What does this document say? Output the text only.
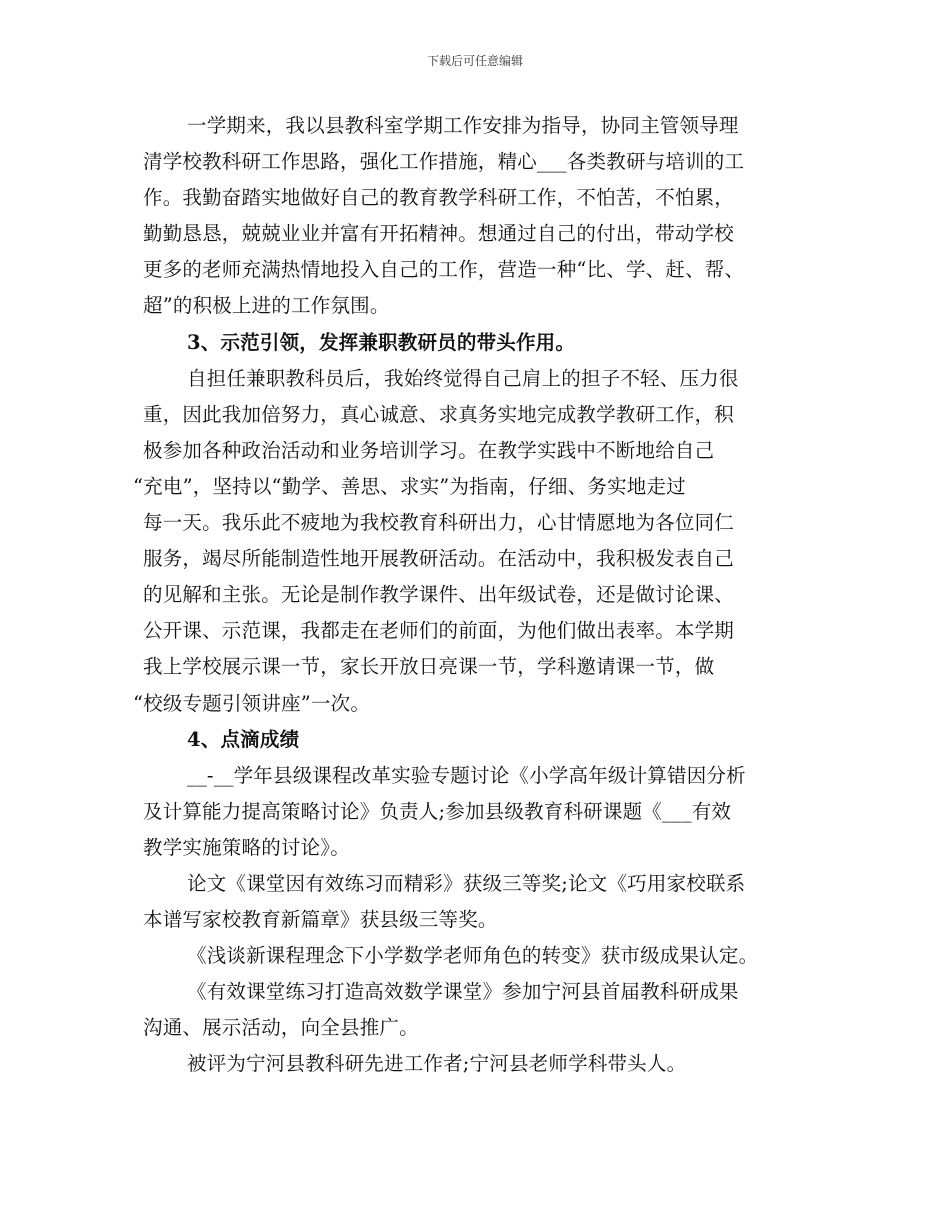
下载后可任意编辑
一学期来，我以县教科室学期工作安排为指导，协同主管领导理
清学校教科研工作思路，强化工作措施，精心___各类教研与培训的工
作。我勤奋踏实地做好自己的教育教学科研工作，不怕苦，不怕累，
勤勤恳恳，兢兢业业并富有开拓精神。想通过自己的付出，带动学校
更多的老师充满热情地投入自己的工作，营造一种“比、学、赶、帮、
超”的积极上进的工作氛围。
3、示范引领，发挥兼职教研员的带头作用。
自担任兼职教科员后，我始终觉得自己肩上的担子不轻、压力很
重，因此我加倍努力，真心诚意、求真务实地完成教学教研工作，积
极参加各种政治活动和业务培训学习。在教学实践中不断地给自己
“充电”，坚持以“勤学、善思、求实”为指南，仔细、务实地走过
每一天。我乐此不疲地为我校教育科研出力，心甘情愿地为各位同仁
服务，竭尽所能制造性地开展教研活动。在活动中，我积极发表自己
的见解和主张。无论是制作教学课件、出年级试卷，还是做讨论课、
公开课、示范课，我都走在老师们的前面，为他们做出表率。本学期
我上学校展示课一节，家长开放日亮课一节，学科邀请课一节，做
“校级专题引领讲座”一次。
4、点滴成绩
__-__学年县级课程改革实验专题讨论《小学高年级计算错因分析
及计算能力提高策略讨论》负责人;参加县级教育科研课题《___有效
教学实施策略的讨论》。
论文《课堂因有效练习而精彩》获级三等奖;论文《巧用家校联系
本谱写家校教育新篇章》获县级三等奖。
《浅谈新课程理念下小学数学老师角色的转变》获市级成果认定。
《有效课堂练习打造高效数学课堂》参加宁河县首届教科研成果
沟通、展示活动，向全县推广。
被评为宁河县教科研先进工作者;宁河县老师学科带头人。
